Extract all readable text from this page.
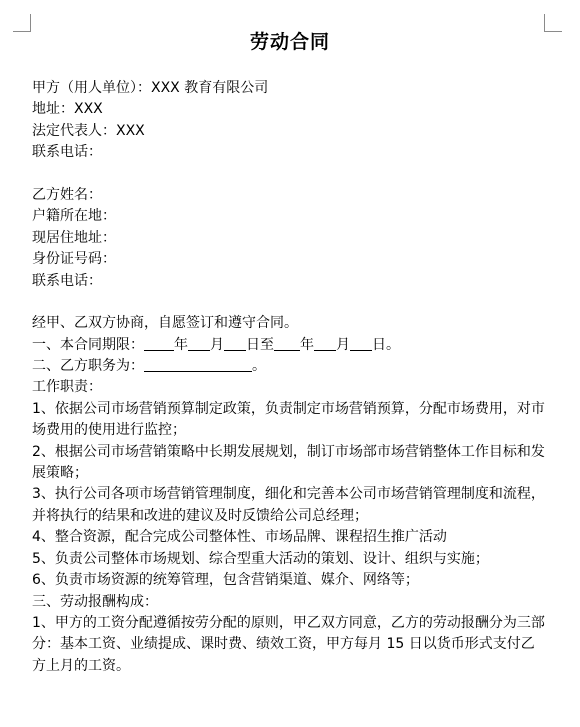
劳动合同
甲方（用人单位）：XXX 教育有限公司
地址：XXX
法定代表人：XXX
联系电话：
乙方姓名：
户籍所在地：
现居住地址：
身份证号码：
联系电话：
经甲、乙双方协商，自愿签订和遵守合同。
一、本合同期限： 年 月 日至 年 月 日。
二、乙方职务为：	。
工作职责：
1、依据公司市场营销预算制定政策，负责制定市场营销预算，分配市场费用，对市场费用的使用进行监控；
2、根据公司市场营销策略中长期发展规划，制订市场部市场营销整体工作目标和发展策略；
3、执行公司各项市场营销管理制度，细化和完善本公司市场营销管理制度和流程，并将执行的结果和改进的建议及时反馈给公司总经理；
4、整合资源，配合完成公司整体性、市场品牌、课程招生推广活动
5、负责公司整体市场规划、综合型重大活动的策划、设计、组织与实施；
6、负责市场资源的统筹管理，包含营销渠道、媒介、网络等；
三、劳动报酬构成：
1、甲方的工资分配遵循按劳分配的原则，甲乙双方同意，乙方的劳动报酬分为三部分：基本工资、业绩提成、课时费、绩效工资，甲方每月 15 日以货币形式支付乙方上月的工资。
